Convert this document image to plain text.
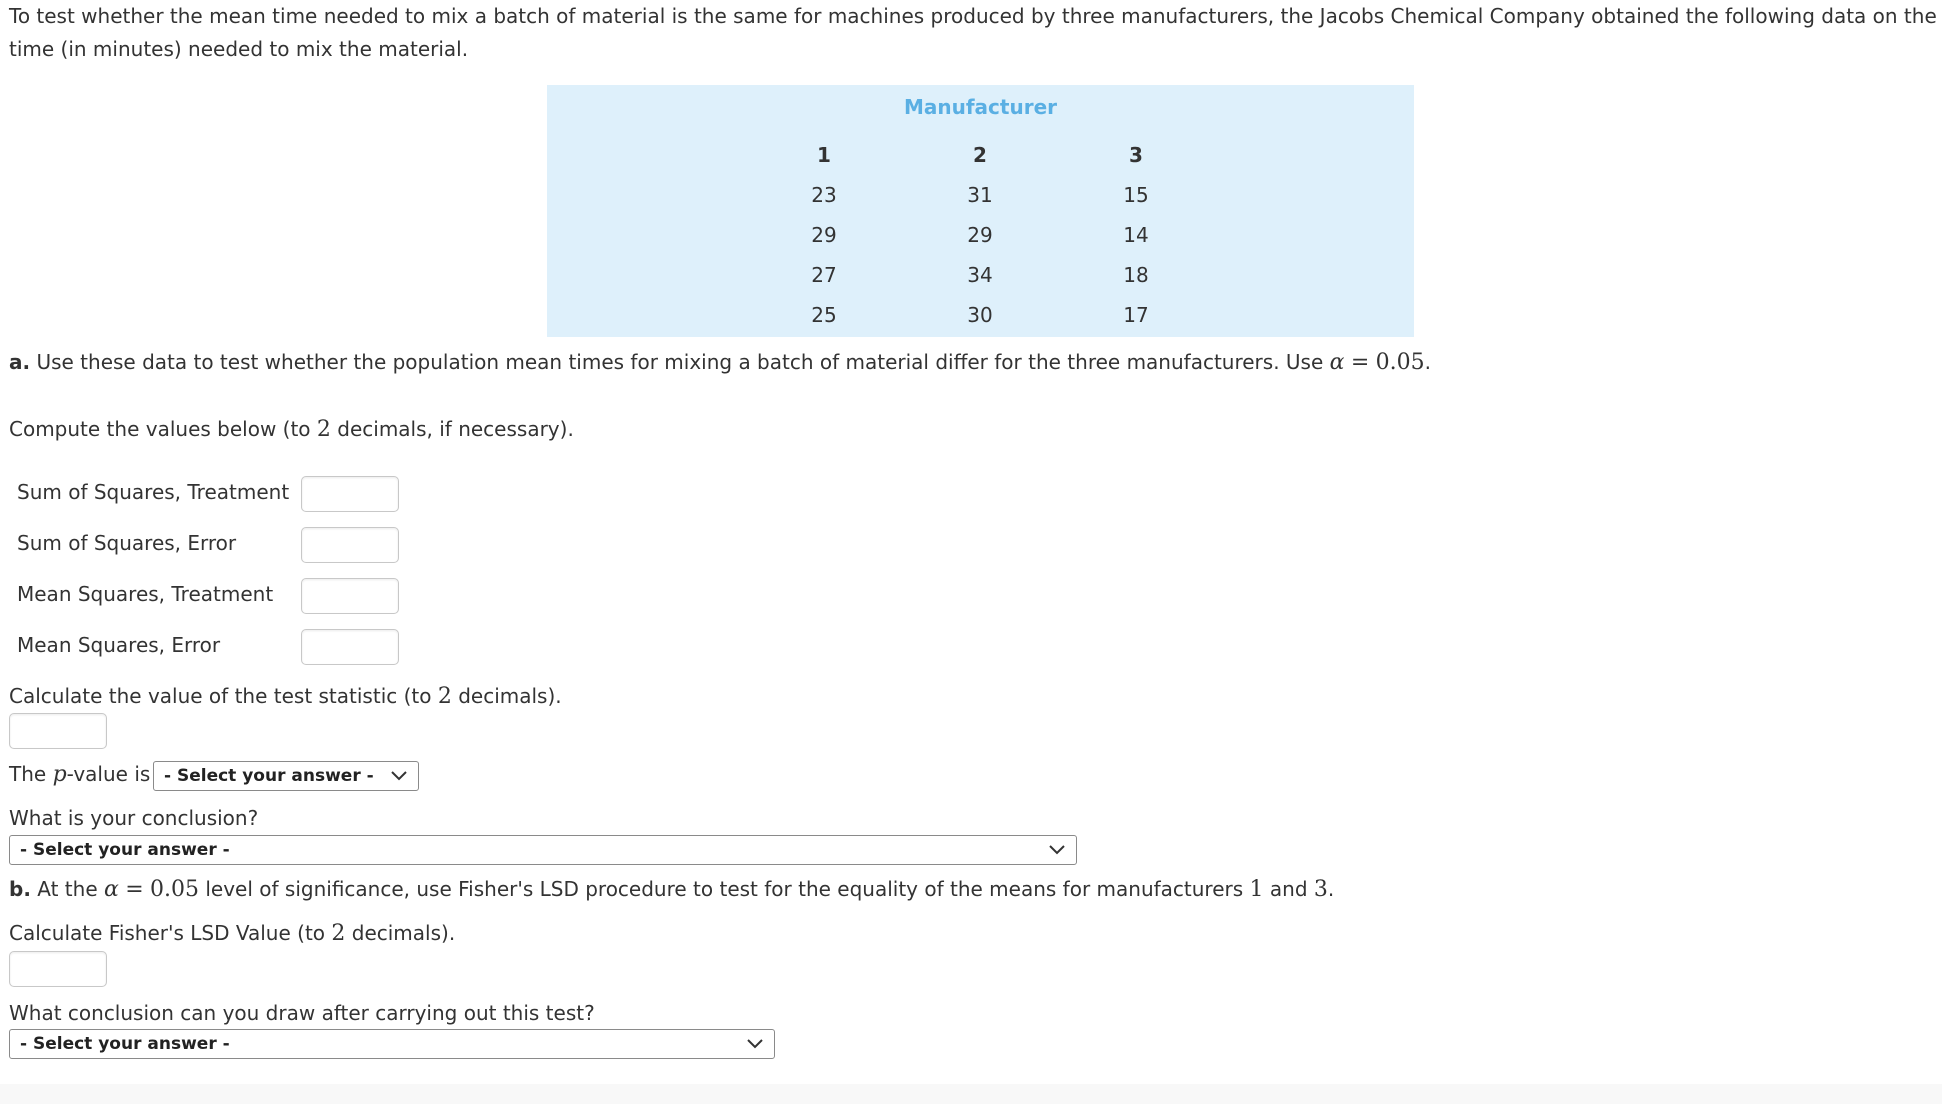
To test whether the mean time needed to mix a batch of material is the same for machines produced by three manufacturers, the Jacobs Chemical Company obtained the following data on the time (in minutes) needed to mix the material.

Manufacturer
1	2	3
23	31	15
29	29	14
27	34	18
25	30	17
a. Use these data to test whether the population mean times for mixing a batch of material differ for the three manufacturers. Use α = 0.05.
Compute the values below (to 2 decimals, if necessary).
Sum of Squares, Treatment
Sum of Squares, Error
Mean Squares, Treatment
Mean Squares, Error
Calculate the value of the test statistic (to 2 decimals).
The p-value is - Select your answer -
What is your conclusion?
- Select your answer -
b. At the α = 0.05 level of significance, use Fisher's LSD procedure to test for the equality of the means for manufacturers 1 and 3.
Calculate Fisher's LSD Value (to 2 decimals).
What conclusion can you draw after carrying out this test?
- Select your answer -
